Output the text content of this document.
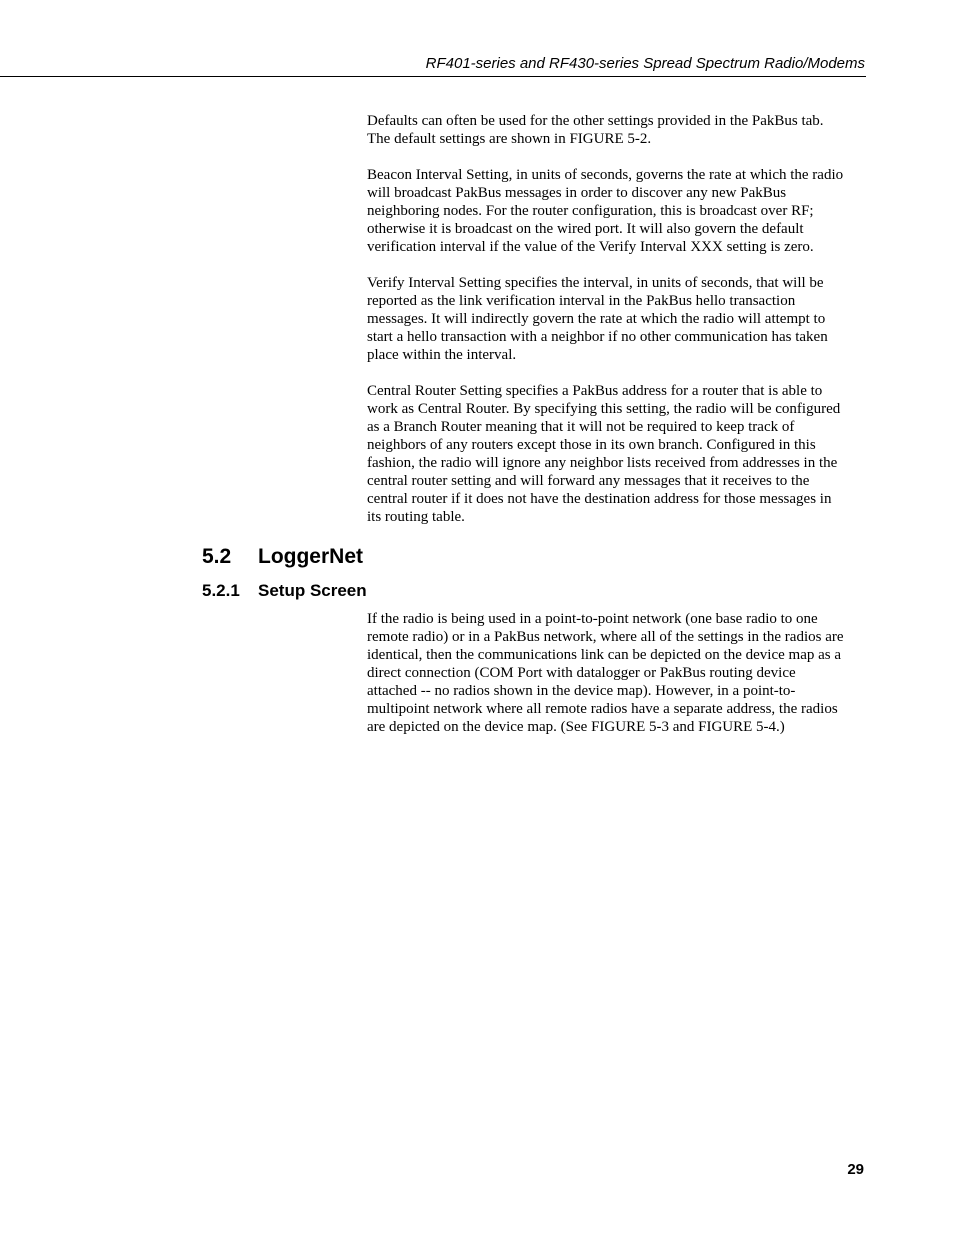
RF401-series and RF430-series Spread Spectrum Radio/Modems

Defaults can often be used for the other settings provided in the PakBus tab.
The default settings are shown in FIGURE 5-2.

Beacon Interval Setting, in units of seconds, governs the rate at which the radio
will broadcast PakBus messages in order to discover any new PakBus
neighboring nodes. For the router configuration, this is broadcast over RF;
otherwise it is broadcast on the wired port. It will also govern the default
verification interval if the value of the Verify Interval XXX setting is zero.

Verify Interval Setting specifies the interval, in units of seconds, that will be
reported as the link verification interval in the PakBus hello transaction
messages. It will indirectly govern the rate at which the radio will attempt to
start a hello transaction with a neighbor if no other communication has taken
place within the interval.

Central Router Setting specifies a PakBus address for a router that is able to
work as Central Router. By specifying this setting, the radio will be configured
as a Branch Router meaning that it will not be required to keep track of
neighbors of any routers except those in its own branch. Configured in this
fashion, the radio will ignore any neighbor lists received from addresses in the
central router setting and will forward any messages that it receives to the
central router if it does not have the destination address for those messages in
its routing table.

5.2 LoggerNet
5.2.1 Setup Screen

If the radio is being used in a point-to-point network (one base radio to one
remote radio) or in a PakBus network, where all of the settings in the radios are
identical, then the communications link can be depicted on the device map as a
direct connection (COM Port with datalogger or PakBus routing device
attached -- no radios shown in the device map). However, in a point-to-
multipoint network where all remote radios have a separate address, the radios
are depicted on the device map. (See FIGURE 5-3 and FIGURE 5-4.)

29
